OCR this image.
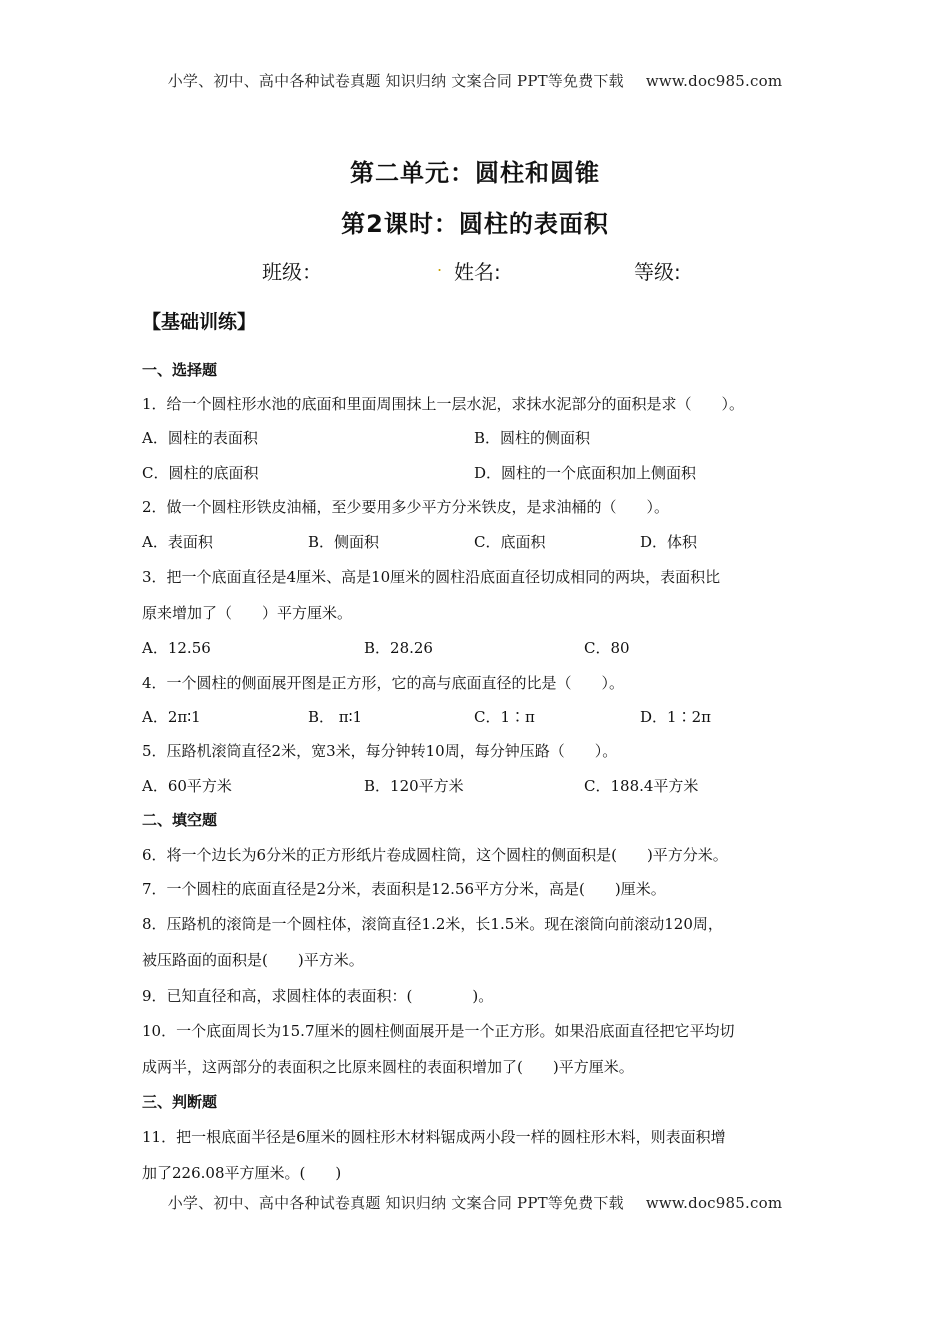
小学、初中、高中各种试卷真题 知识归纳 文案合同 PPT等免费下载 www.doc985.com
第二单元：圆柱和圆锥
第2课时：圆柱的表面积
班级：	. 姓名:	等级:
【基础训练】
一、选择题
1．给一个圆柱形水池的底面和里面周围抹上一层水泥，求抹水泥部分的面积是求（　　）。
A．圆柱的表面积	B．圆柱的侧面积
C．圆柱的底面积	D．圆柱的一个底面积加上侧面积
2．做一个圆柱形铁皮油桶，至少要用多少平方分米铁皮，是求油桶的（　　）。
A．表面积	B．侧面积	C．底面积	D．体积
3．把一个底面直径是4厘米、高是10厘米的圆柱沿底面直径切成相同的两块，表面积比
原来增加了（　　）平方厘米。
A．12.56	B．28.26	C．80
4．一个圆柱的侧面展开图是正方形，它的高与底面直径的比是（　　）。
A．2π∶1	B． π∶1	C．1∶π	D．1∶2π
5．压路机滚筒直径2米，宽3米，每分钟转10周，每分钟压路（　　）。
A．60平方米	B．120平方米	C．188.4平方米
二、填空题
6．将一个边长为6分米的正方形纸片卷成圆柱筒，这个圆柱的侧面积是(　　)平方分米。
7．一个圆柱的底面直径是2分米，表面积是12.56平方分米，高是(　　)厘米。
8．压路机的滚筒是一个圆柱体，滚筒直径1.2米，长1.5米。现在滚筒向前滚动120周，
被压路面的面积是(　　)平方米。
9．已知直径和高，求圆柱体的表面积：(　　　　)。
10．一个底面周长为15.7厘米的圆柱侧面展开是一个正方形。如果沿底面直径把它平均切
成两半，这两部分的表面积之比原来圆柱的表面积增加了(　　)平方厘米。
三、判断题
11．把一根底面半径是6厘米的圆柱形木材料锯成两小段一样的圆柱形木料，则表面积增
加了226.08平方厘米。(　　)
小学、初中、高中各种试卷真题 知识归纳 文案合同 PPT等免费下载 www.doc985.com
